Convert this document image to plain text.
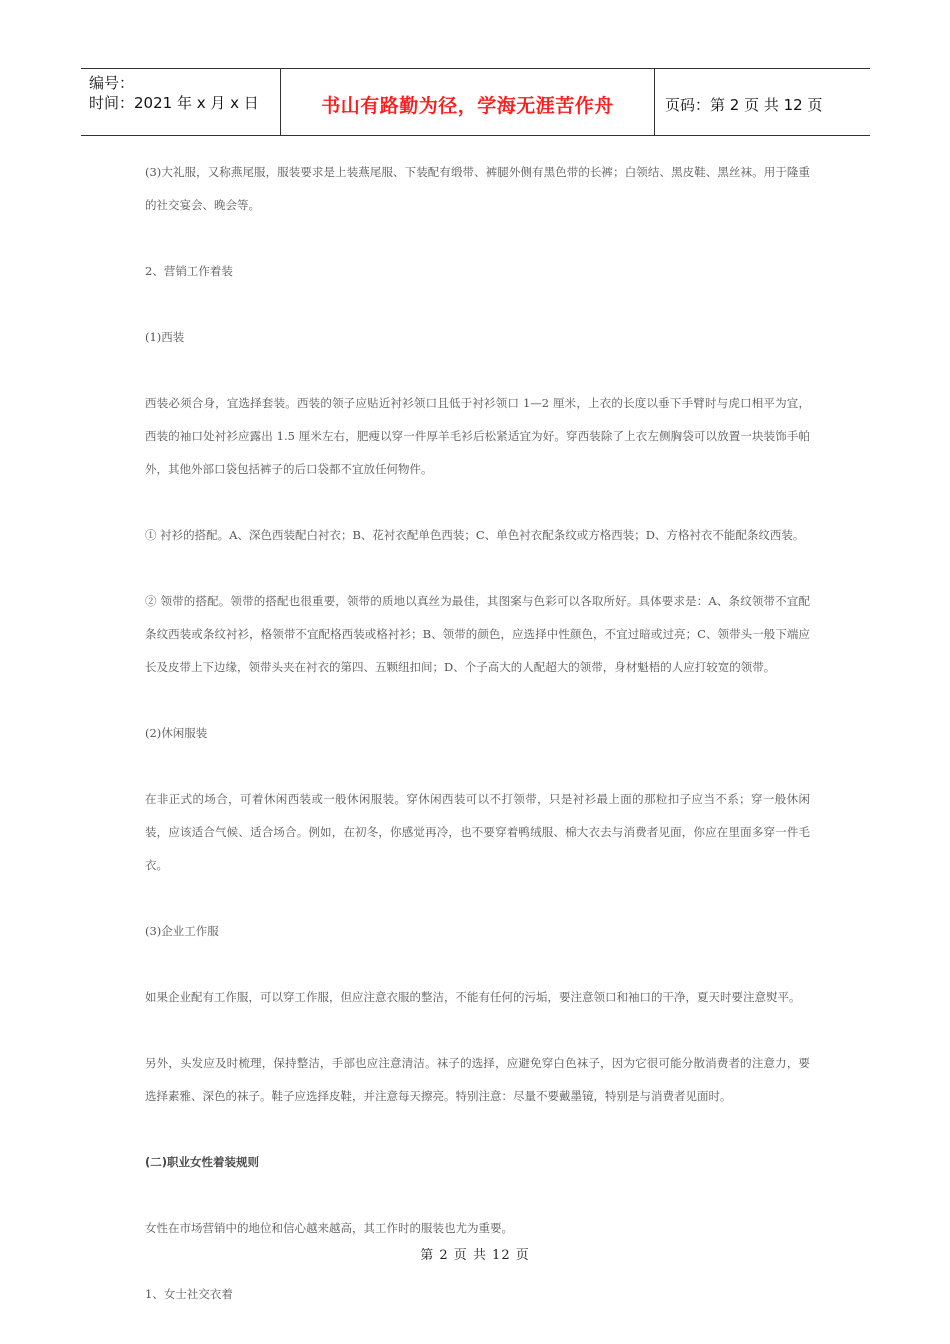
编号：
时间：2021 年 x 月 x 日	书山有路勤为径，学海无涯苦作舟	页码：第 2 页 共 12 页

(3)大礼服，又称燕尾服，服装要求是上装燕尾服、下装配有缎带、裤腿外侧有黑色带的长裤；白领结、黑皮鞋、黑丝袜。用于隆重的社交宴会、晚会等。

2、营销工作着装

(1)西装

西装必须合身，宜选择套装。西装的领子应贴近衬衫领口且低于衬衫领口 1—2 厘米，上衣的长度以垂下手臂时与虎口相平为宜，西装的袖口处衬衫应露出 1.5 厘米左右，肥瘦以穿一件厚羊毛衫后松紧适宜为好。穿西装除了上衣左侧胸袋可以放置一块装饰手帕外，其他外部口袋包括裤子的后口袋都不宜放任何物件。

① 衬衫的搭配。A、深色西装配白衬衣；B、花衬衣配单色西装；C、单色衬衣配条纹或方格西装；D、方格衬衣不能配条纹西装。

② 领带的搭配。领带的搭配也很重要，领带的质地以真丝为最佳，其图案与色彩可以各取所好。具体要求是：A、条纹领带不宜配条纹西装或条纹衬衫，格领带不宜配格西装或格衬衫；B、领带的颜色，应选择中性颜色，不宜过暗或过亮；C、领带头一般下端应长及皮带上下边缘，领带头夹在衬衣的第四、五颗纽扣间；D、个子高大的人配超大的领带，身材魁梧的人应打较宽的领带。

(2)休闲服装

在非正式的场合，可着休闲西装或一般休闲服装。穿休闲西装可以不打领带，只是衬衫最上面的那粒扣子应当不系；穿一般休闲装，应该适合气候、适合场合。例如，在初冬，你感觉再冷，也不要穿着鸭绒服、棉大衣去与消费者见面，你应在里面多穿一件毛衣。

(3)企业工作服

如果企业配有工作服，可以穿工作服，但应注意衣服的整洁，不能有任何的污垢，要注意领口和袖口的干净，夏天时要注意熨平。

另外，头发应及时梳理，保持整洁，手部也应注意清洁。袜子的选择，应避免穿白色袜子，因为它很可能分散消费者的注意力，要选择素雅、深色的袜子。鞋子应选择皮鞋，并注意每天擦亮。特别注意：尽量不要戴墨镜，特别是与消费者见面时。

(二)职业女性着装规则

女性在市场营销中的地位和信心越来越高，其工作时的服装也尤为重要。

1、女士社交衣着

第 2 页 共 12 页
